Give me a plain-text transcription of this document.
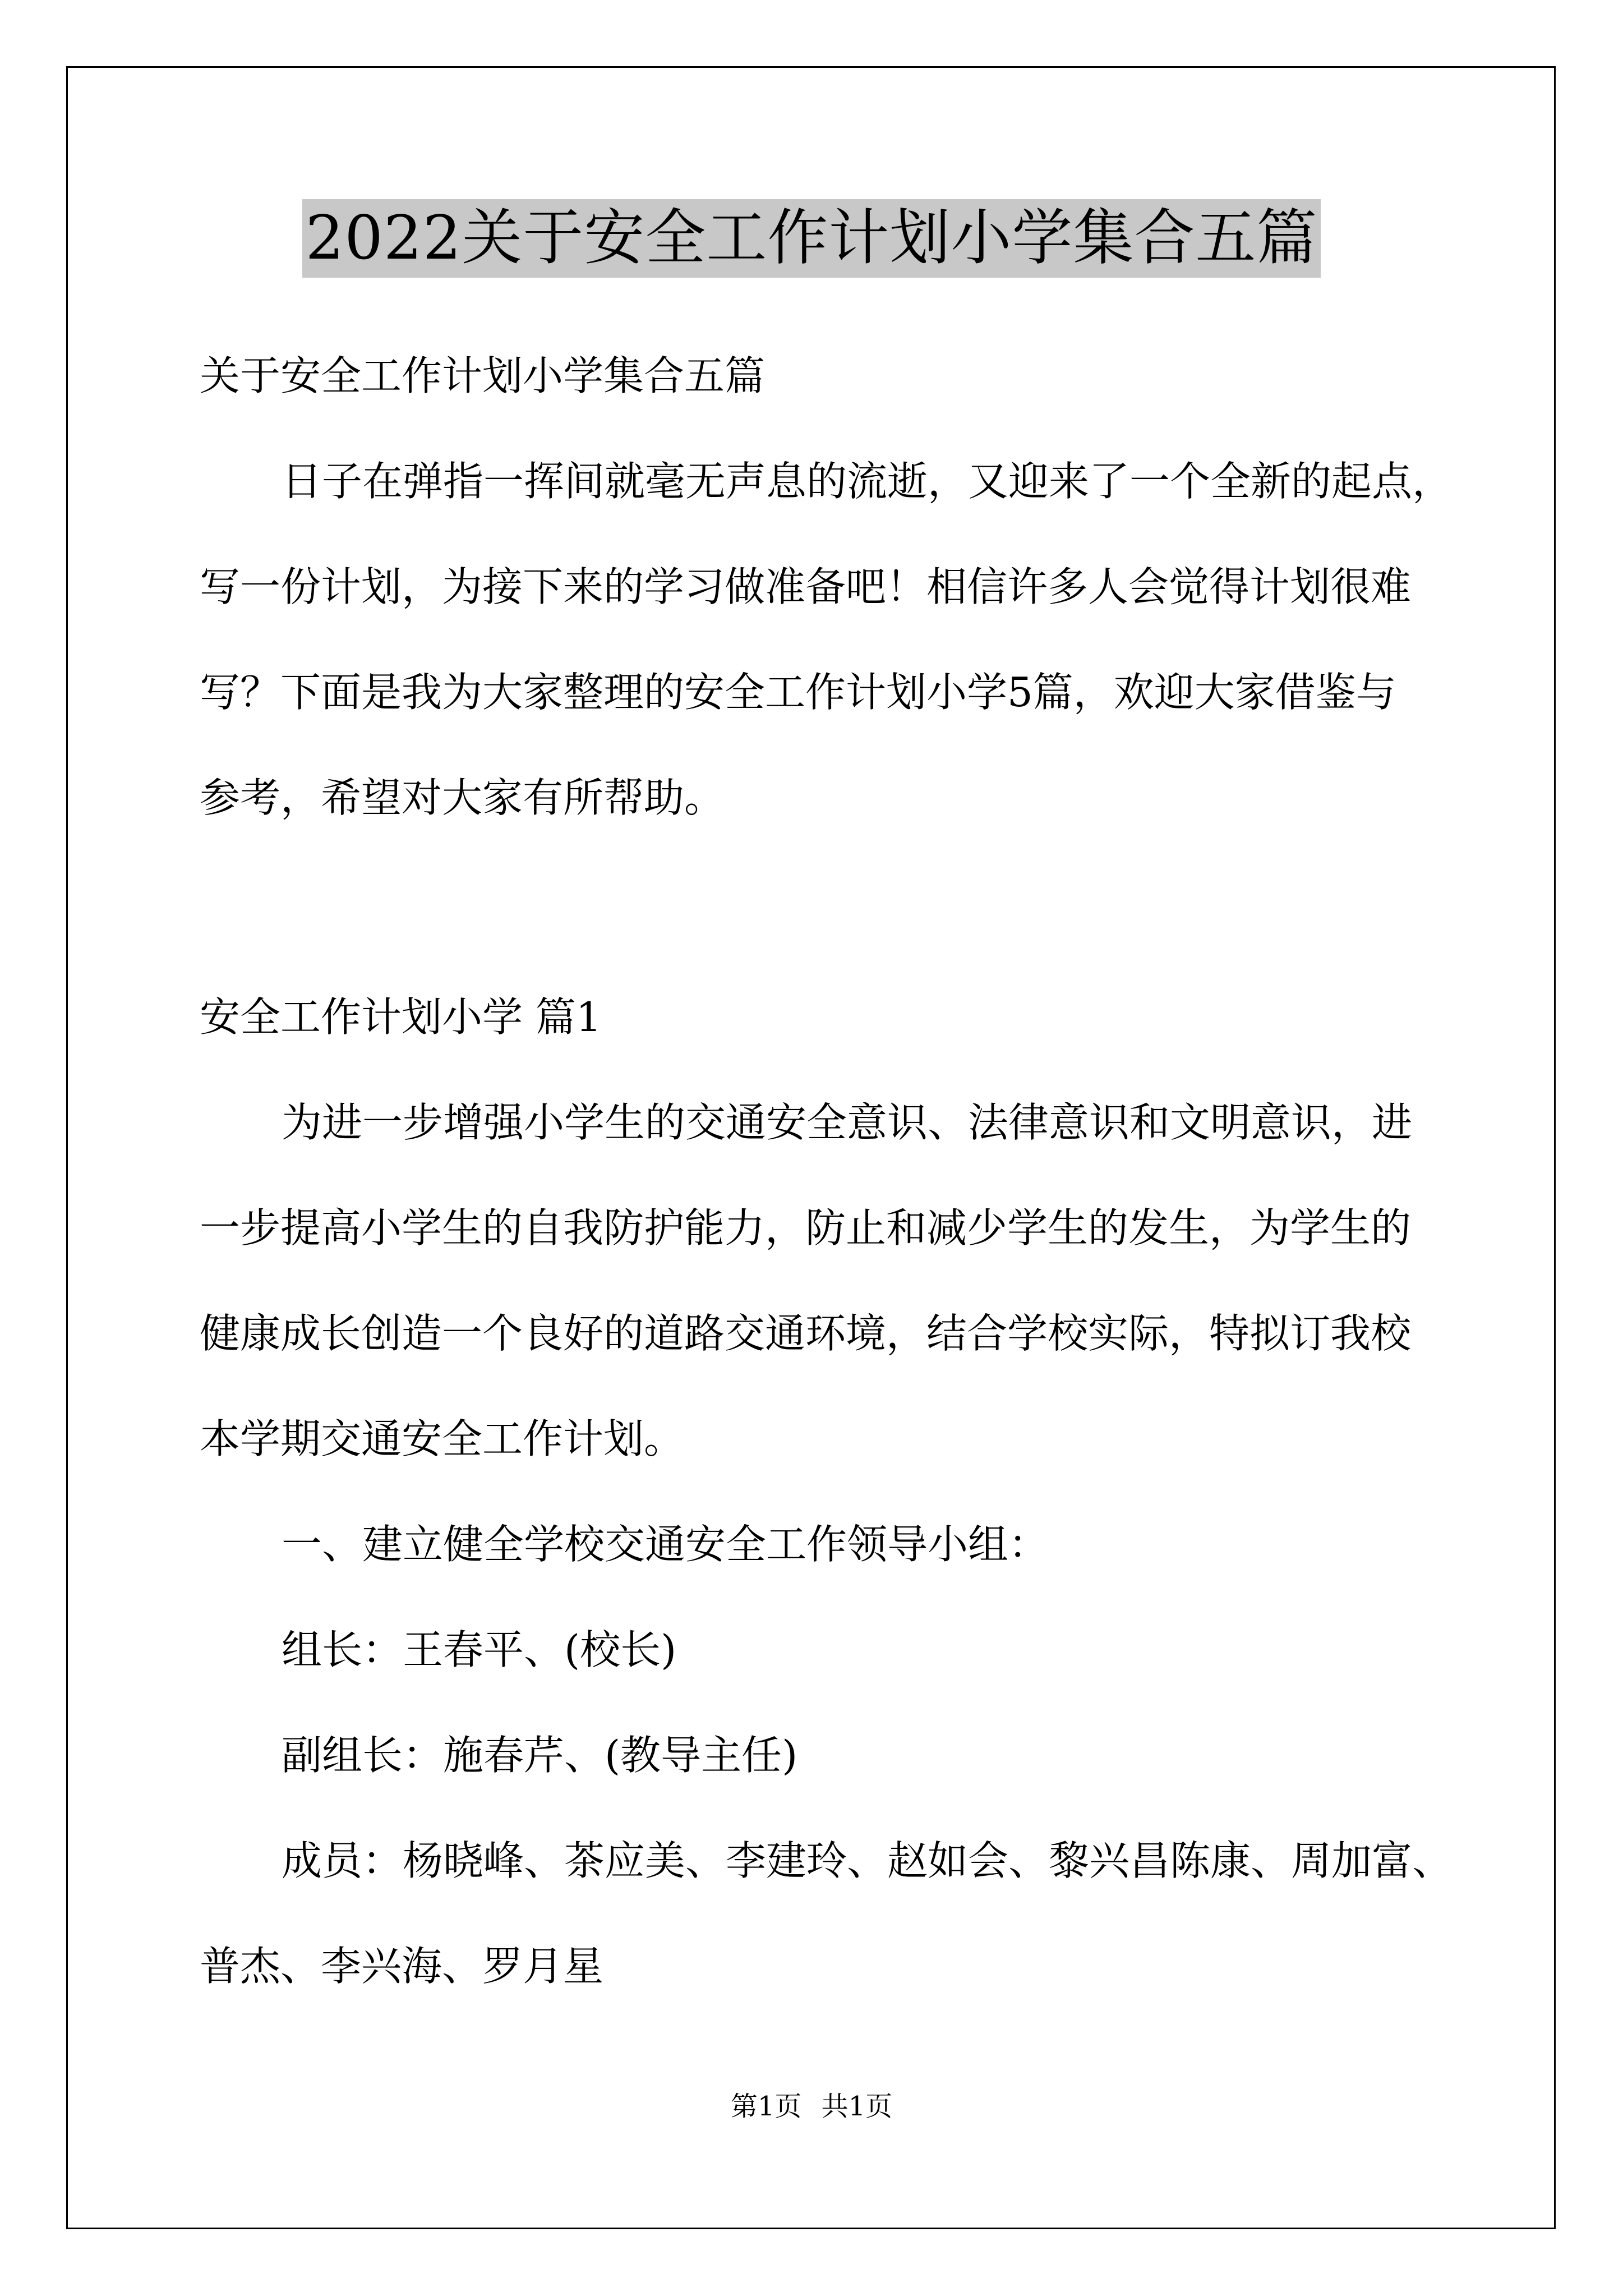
2022关于安全工作计划小学集合五篇
关于安全工作计划小学集合五篇
日子在弹指一挥间就毫无声息的流逝，又迎来了一个全新的起点，
写一份计划，为接下来的学习做准备吧！相信许多人会觉得计划很难
写？下面是我为大家整理的安全工作计划小学5篇，欢迎大家借鉴与
参考，希望对大家有所帮助。
安全工作计划小学 篇1
为进一步增强小学生的交通安全意识、法律意识和文明意识，进
一步提高小学生的自我防护能力，防止和减少学生的发生，为学生的
健康成长创造一个良好的道路交通环境，结合学校实际，特拟订我校
本学期交通安全工作计划。
一、建立健全学校交通安全工作领导小组：
组长：王春平、(校长)
副组长：施春芹、(教导主任)
成员：杨晓峰、茶应美、李建玲、赵如会、黎兴昌陈康、周加富、
普杰、李兴海、罗月星
第1页 共1页
